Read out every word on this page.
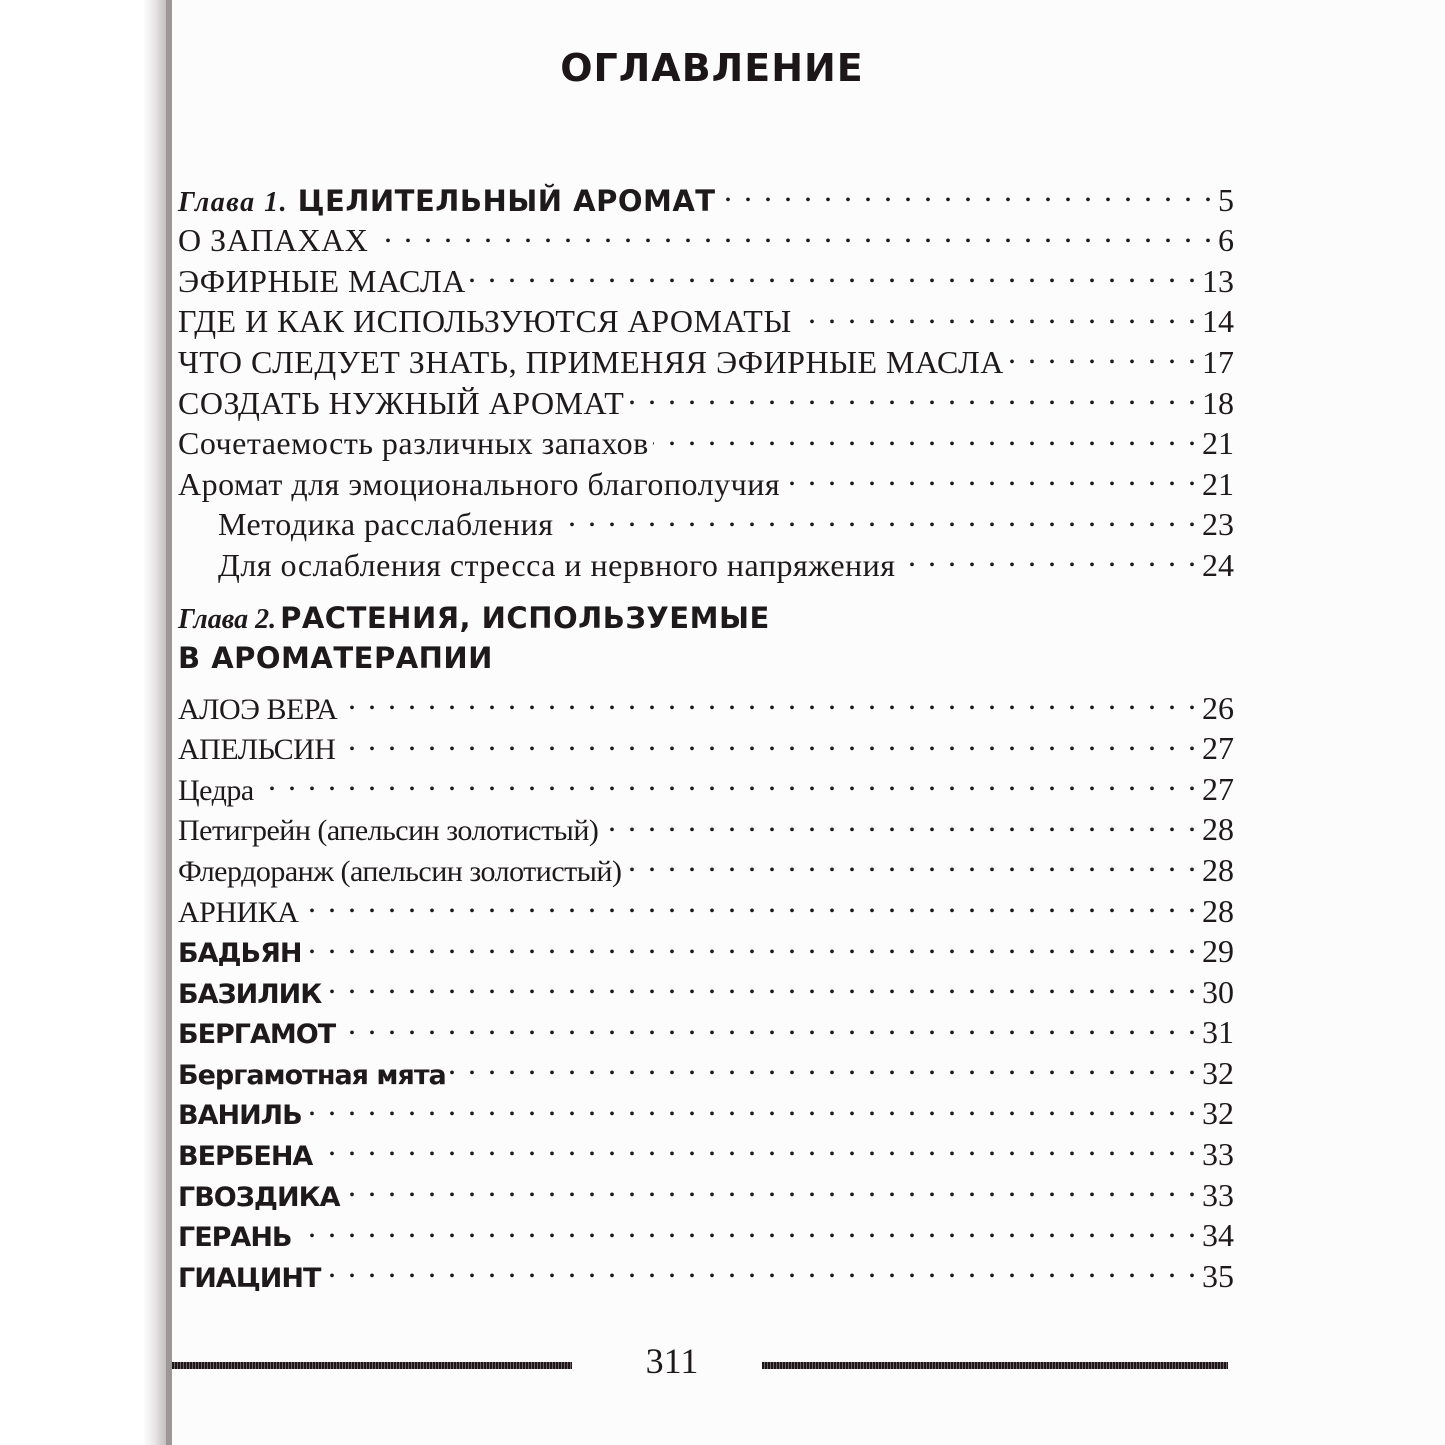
ОГЛАВЛЕНИЕ
Глава 1. ЦЕЛИТЕЛЬНЫЙ АРОМАТ . . .	5
О ЗАПАХАХ . . .	6
ЭФИРНЫЕ МАСЛА . . .	13
ГДЕ И КАК ИСПОЛЬЗУЮТСЯ АРОМАТЫ . . .	14
ЧТО СЛЕДУЕТ ЗНАТЬ, ПРИМЕНЯЯ ЭФИРНЫЕ МАСЛА . . .	17
СОЗДАТЬ НУЖНЫЙ АРОМАТ . . .	18
Сочетаемость различных запахов . . .	21
Аромат для эмоционального благополучия . . .	21
Методика расслабления . . .	23
Для ослабления стресса и нервного напряжения . . .	24
Глава 2. РАСТЕНИЯ, ИСПОЛЬЗУЕМЫЕ
В АРОМАТЕРАПИИ
АЛОЭ ВЕРА . . .	26
АПЕЛЬСИН . . .	27
Цедра . . .	27
Петигрейн (апельсин золотистый) . . .	28
Флердоранж (апельсин золотистый) . . .	28
АРНИКА . . .	28
БАДЬЯН . . .	29
БАЗИЛИК . . .	30
БЕРГАМОТ . . .	31
Бергамотная мята . . .	32
ВАНИЛЬ . . .	32
ВЕРБЕНА . . .	33
ГВОЗДИКА . . .	33
ГЕРАНЬ . . .	34
ГИАЦИНТ . . .	35
311
